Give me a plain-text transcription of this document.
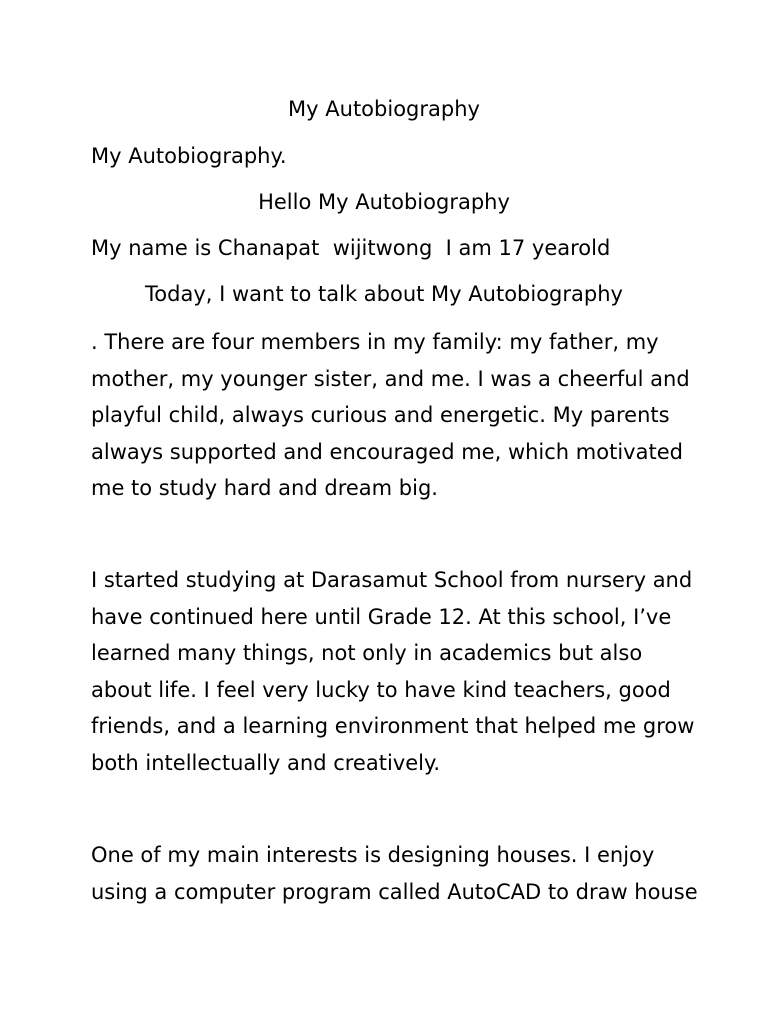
My Autobiography

My Autobiography.

Hello My Autobiography

My name is Chanapat  wijitwong  I am 17 yearold

Today, I want to talk about My Autobiography

. There are four members in my family: my father, my
mother, my younger sister, and me. I was a cheerful and
playful child, always curious and energetic. My parents
always supported and encouraged me, which motivated
me to study hard and dream big.
I started studying at Darasamut School from nursery and
have continued here until Grade 12. At this school, I’ve
learned many things, not only in academics but also
about life. I feel very lucky to have kind teachers, good
friends, and a learning environment that helped me grow
both intellectually and creatively.
One of my main interests is designing houses. I enjoy
using a computer program called AutoCAD to draw house
